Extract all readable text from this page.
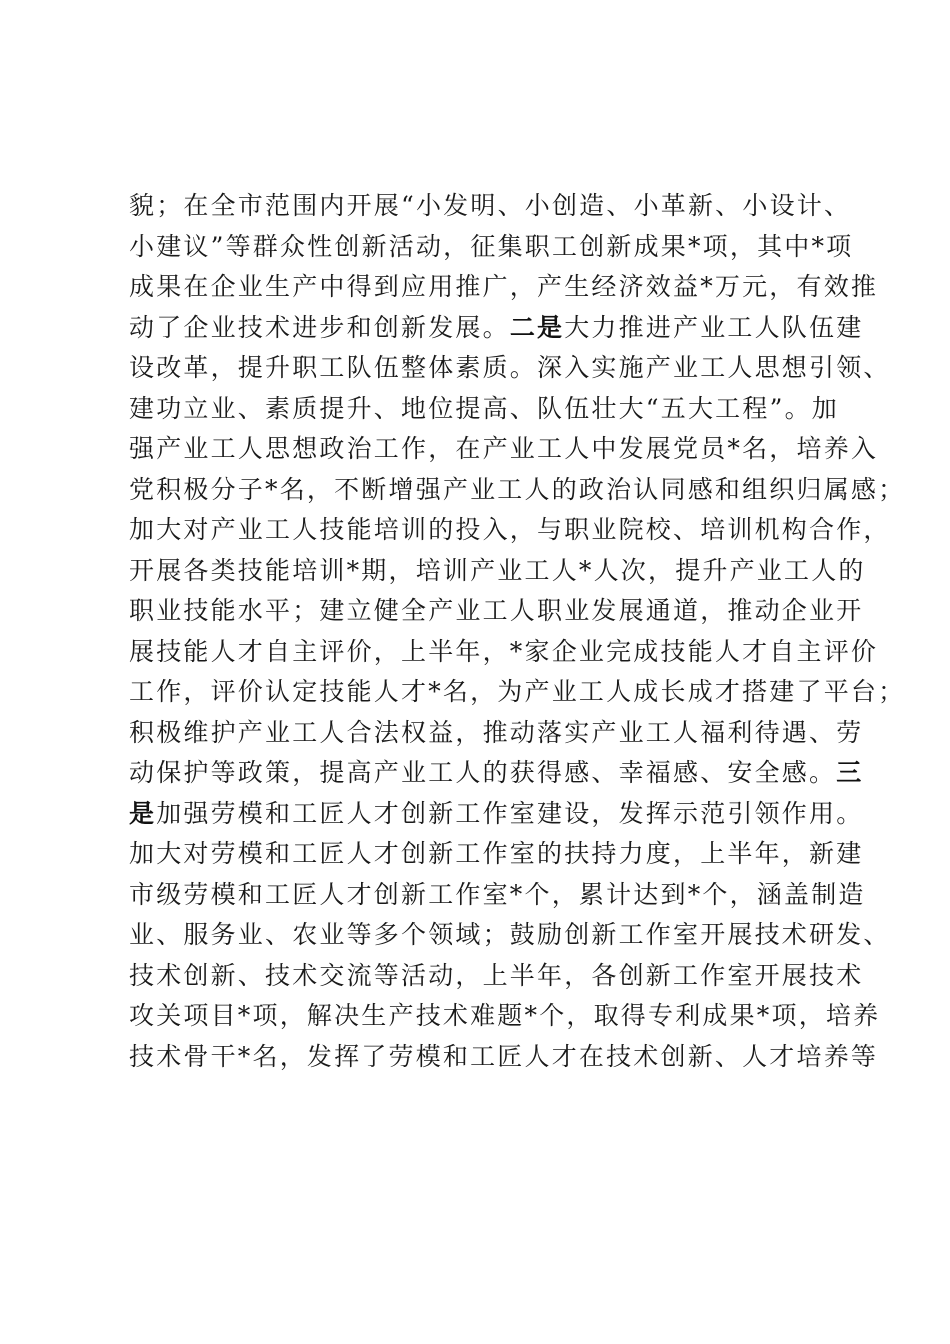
貌；在全市范围内开展“小发明、小创造、小革新、小设计、
小建议”等群众性创新活动，征集职工创新成果*项，其中*项
成果在企业生产中得到应用推广，产生经济效益*万元，有效推
动了企业技术进步和创新发展。二是大力推进产业工人队伍建
设改革，提升职工队伍整体素质。深入实施产业工人思想引领、
建功立业、素质提升、地位提高、队伍壮大“五大工程”。加
强产业工人思想政治工作，在产业工人中发展党员*名，培养入
党积极分子*名，不断增强产业工人的政治认同感和组织归属感；
加大对产业工人技能培训的投入，与职业院校、培训机构合作，
开展各类技能培训*期，培训产业工人*人次，提升产业工人的
职业技能水平；建立健全产业工人职业发展通道，推动企业开
展技能人才自主评价，上半年，*家企业完成技能人才自主评价
工作，评价认定技能人才*名，为产业工人成长成才搭建了平台；
积极维护产业工人合法权益，推动落实产业工人福利待遇、劳
动保护等政策，提高产业工人的获得感、幸福感、安全感。三
是加强劳模和工匠人才创新工作室建设，发挥示范引领作用。
加大对劳模和工匠人才创新工作室的扶持力度，上半年，新建
市级劳模和工匠人才创新工作室*个，累计达到*个，涵盖制造
业、服务业、农业等多个领域；鼓励创新工作室开展技术研发、
技术创新、技术交流等活动，上半年，各创新工作室开展技术
攻关项目*项，解决生产技术难题*个，取得专利成果*项，培养
技术骨干*名，发挥了劳模和工匠人才在技术创新、人才培养等
